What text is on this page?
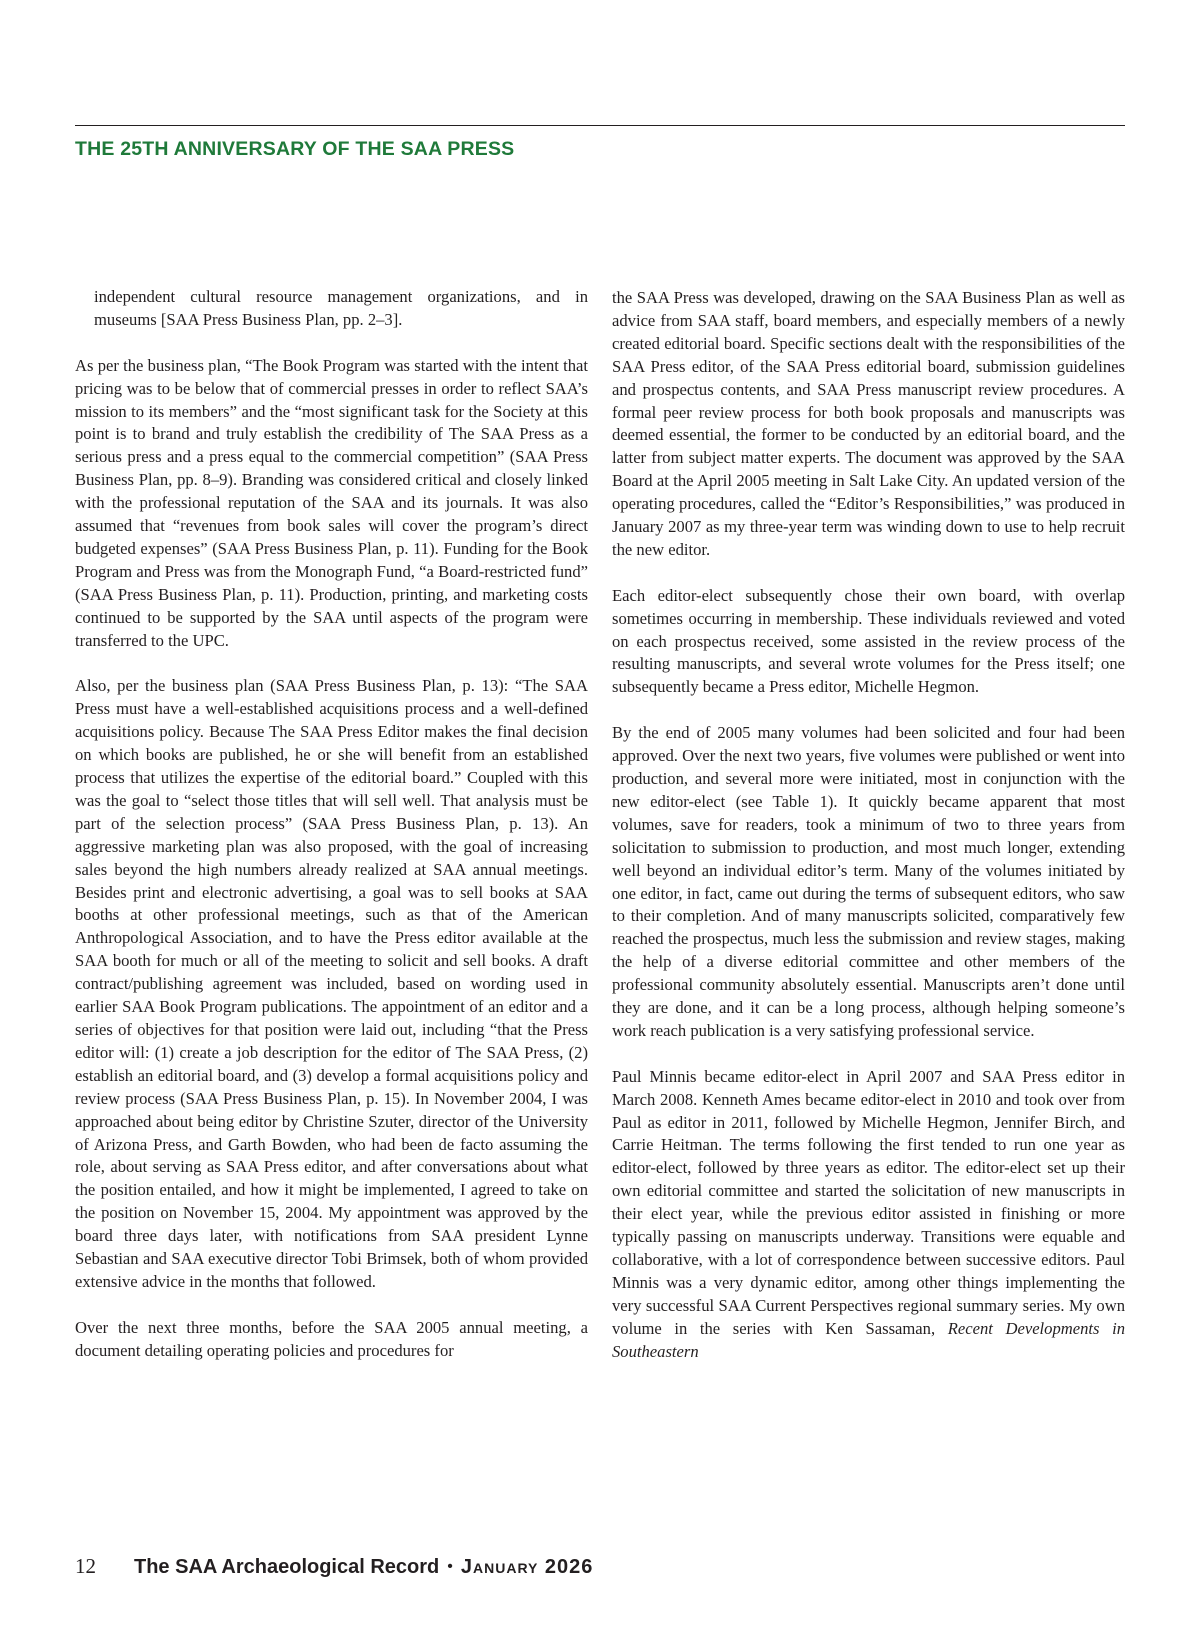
THE 25TH ANNIVERSARY OF THE SAA PRESS

independent cultural resource management organizations, and in museums [SAA Press Business Plan, pp. 2–3].

As per the business plan, “The Book Program was started with the intent that pricing was to be below that of commercial presses in order to reflect SAA’s mission to its members” and the “most significant task for the Society at this point is to brand and truly establish the credibility of The SAA Press as a serious press and a press equal to the commercial competition” (SAA Press Business Plan, pp. 8–9). Branding was considered critical and closely linked with the professional reputation of the SAA and its journals. It was also assumed that “revenues from book sales will cover the program’s direct budgeted expenses” (SAA Press Business Plan, p. 11). Funding for the Book Program and Press was from the Monograph Fund, “a Board-restricted fund” (SAA Press Business Plan, p. 11). Production, printing, and marketing costs continued to be supported by the SAA until aspects of the program were transferred to the UPC.

Also, per the business plan (SAA Press Business Plan, p. 13): “The SAA Press must have a well-established acquisitions process and a well-defined acquisitions policy. Because The SAA Press Editor makes the final decision on which books are published, he or she will benefit from an established process that utilizes the expertise of the editorial board.” Coupled with this was the goal to “select those titles that will sell well. That analysis must be part of the selection process” (SAA Press Business Plan, p. 13). An aggressive marketing plan was also proposed, with the goal of increasing sales beyond the high numbers already realized at SAA annual meetings. Besides print and electronic advertising, a goal was to sell books at SAA booths at other professional meetings, such as that of the American Anthropological Association, and to have the Press editor available at the SAA booth for much or all of the meeting to solicit and sell books. A draft contract/publishing agreement was included, based on wording used in earlier SAA Book Program publications. The appointment of an editor and a series of objectives for that position were laid out, including “that the Press editor will: (1) create a job description for the editor of The SAA Press, (2) establish an editorial board, and (3) develop a formal acquisitions policy and review process (SAA Press Business Plan, p. 15). In November 2004, I was approached about being editor by Christine Szuter, director of the University of Arizona Press, and Garth Bowden, who had been de facto assuming the role, about serving as SAA Press editor, and after conversations about what the position entailed, and how it might be implemented, I agreed to take on the position on November 15, 2004. My appointment was approved by the board three days later, with notifications from SAA president Lynne Sebastian and SAA executive director Tobi Brimsek, both of whom provided extensive advice in the months that followed.

Over the next three months, before the SAA 2005 annual meeting, a document detailing operating policies and procedures for

the SAA Press was developed, drawing on the SAA Business Plan as well as advice from SAA staff, board members, and especially members of a newly created editorial board. Specific sections dealt with the responsibilities of the SAA Press editor, of the SAA Press editorial board, submission guidelines and prospectus contents, and SAA Press manuscript review procedures. A formal peer review process for both book proposals and manuscripts was deemed essential, the former to be conducted by an editorial board, and the latter from subject matter experts. The document was approved by the SAA Board at the April 2005 meeting in Salt Lake City. An updated version of the operating procedures, called the “Editor’s Responsibilities,” was produced in January 2007 as my three-year term was winding down to use to help recruit the new editor.

Each editor-elect subsequently chose their own board, with overlap sometimes occurring in membership. These individuals reviewed and voted on each prospectus received, some assisted in the review process of the resulting manuscripts, and several wrote volumes for the Press itself; one subsequently became a Press editor, Michelle Hegmon.

By the end of 2005 many volumes had been solicited and four had been approved. Over the next two years, five volumes were published or went into production, and several more were initiated, most in conjunction with the new editor-elect (see Table 1). It quickly became apparent that most volumes, save for readers, took a minimum of two to three years from solicitation to submission to production, and most much longer, extending well beyond an individual editor’s term. Many of the volumes initiated by one editor, in fact, came out during the terms of subsequent editors, who saw to their completion. And of many manuscripts solicited, comparatively few reached the prospectus, much less the submission and review stages, making the help of a diverse editorial committee and other members of the professional community absolutely essential. Manuscripts aren’t done until they are done, and it can be a long process, although helping someone’s work reach publication is a very satisfying professional service.

Paul Minnis became editor-elect in April 2007 and SAA Press editor in March 2008. Kenneth Ames became editor-elect in 2010 and took over from Paul as editor in 2011, followed by Michelle Hegmon, Jennifer Birch, and Carrie Heitman. The terms following the first tended to run one year as editor-elect, followed by three years as editor. The editor-elect set up their own editorial committee and started the solicitation of new manuscripts in their elect year, while the previous editor assisted in finishing or more typically passing on manuscripts underway. Transitions were equable and collaborative, with a lot of correspondence between successive editors. Paul Minnis was a very dynamic editor, among other things implementing the very successful SAA Current Perspectives regional summary series. My own volume in the series with Ken Sassaman, Recent Developments in Southeastern

12 The SAA Archaeological Record • January 2026
